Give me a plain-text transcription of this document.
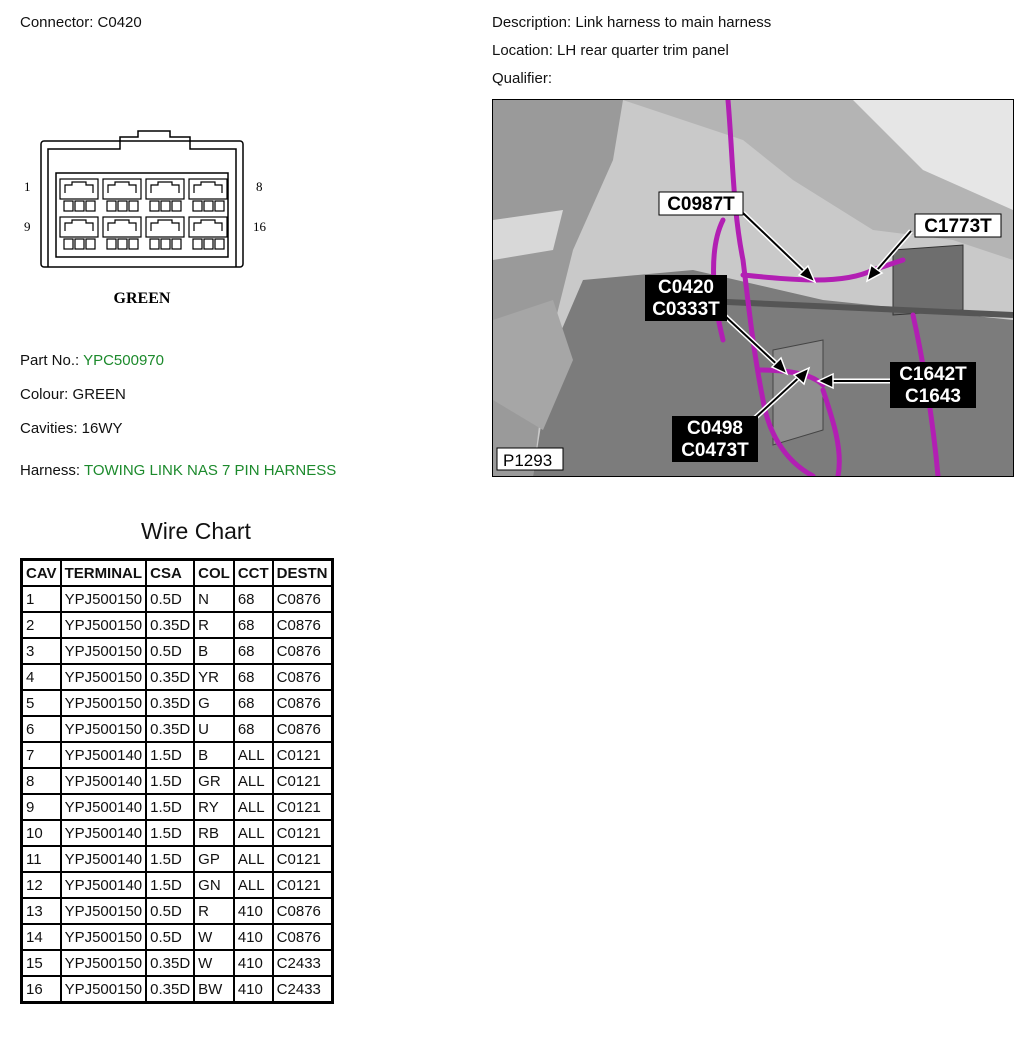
Connector: C0420	Description: Link harness to main harness
Location: LH rear quarter trim panel
Qualifier:
1	8
9	16
GREEN
Part No.: YPC500970
Colour: GREEN
Cavities: 16WY
Harness: TOWING LINK NAS 7 PIN HARNESS
C0987T
C1773T
C0420
C0333T
C1642T
C1643
C0498
C0473T
P1293
Wire Chart
CAV	TERMINAL	CSA	COL	CCT	DESTN
1	YPJ500150	0.5D	N	68	C0876
2	YPJ500150	0.35D	R	68	C0876
3	YPJ500150	0.5D	B	68	C0876
4	YPJ500150	0.35D	YR	68	C0876
5	YPJ500150	0.35D	G	68	C0876
6	YPJ500150	0.35D	U	68	C0876
7	YPJ500140	1.5D	B	ALL	C0121
8	YPJ500140	1.5D	GR	ALL	C0121
9	YPJ500140	1.5D	RY	ALL	C0121
10	YPJ500140	1.5D	RB	ALL	C0121
11	YPJ500140	1.5D	GP	ALL	C0121
12	YPJ500140	1.5D	GN	ALL	C0121
13	YPJ500150	0.5D	R	410	C0876
14	YPJ500150	0.5D	W	410	C0876
15	YPJ500150	0.35D	W	410	C2433
16	YPJ500150	0.35D	BW	410	C2433
